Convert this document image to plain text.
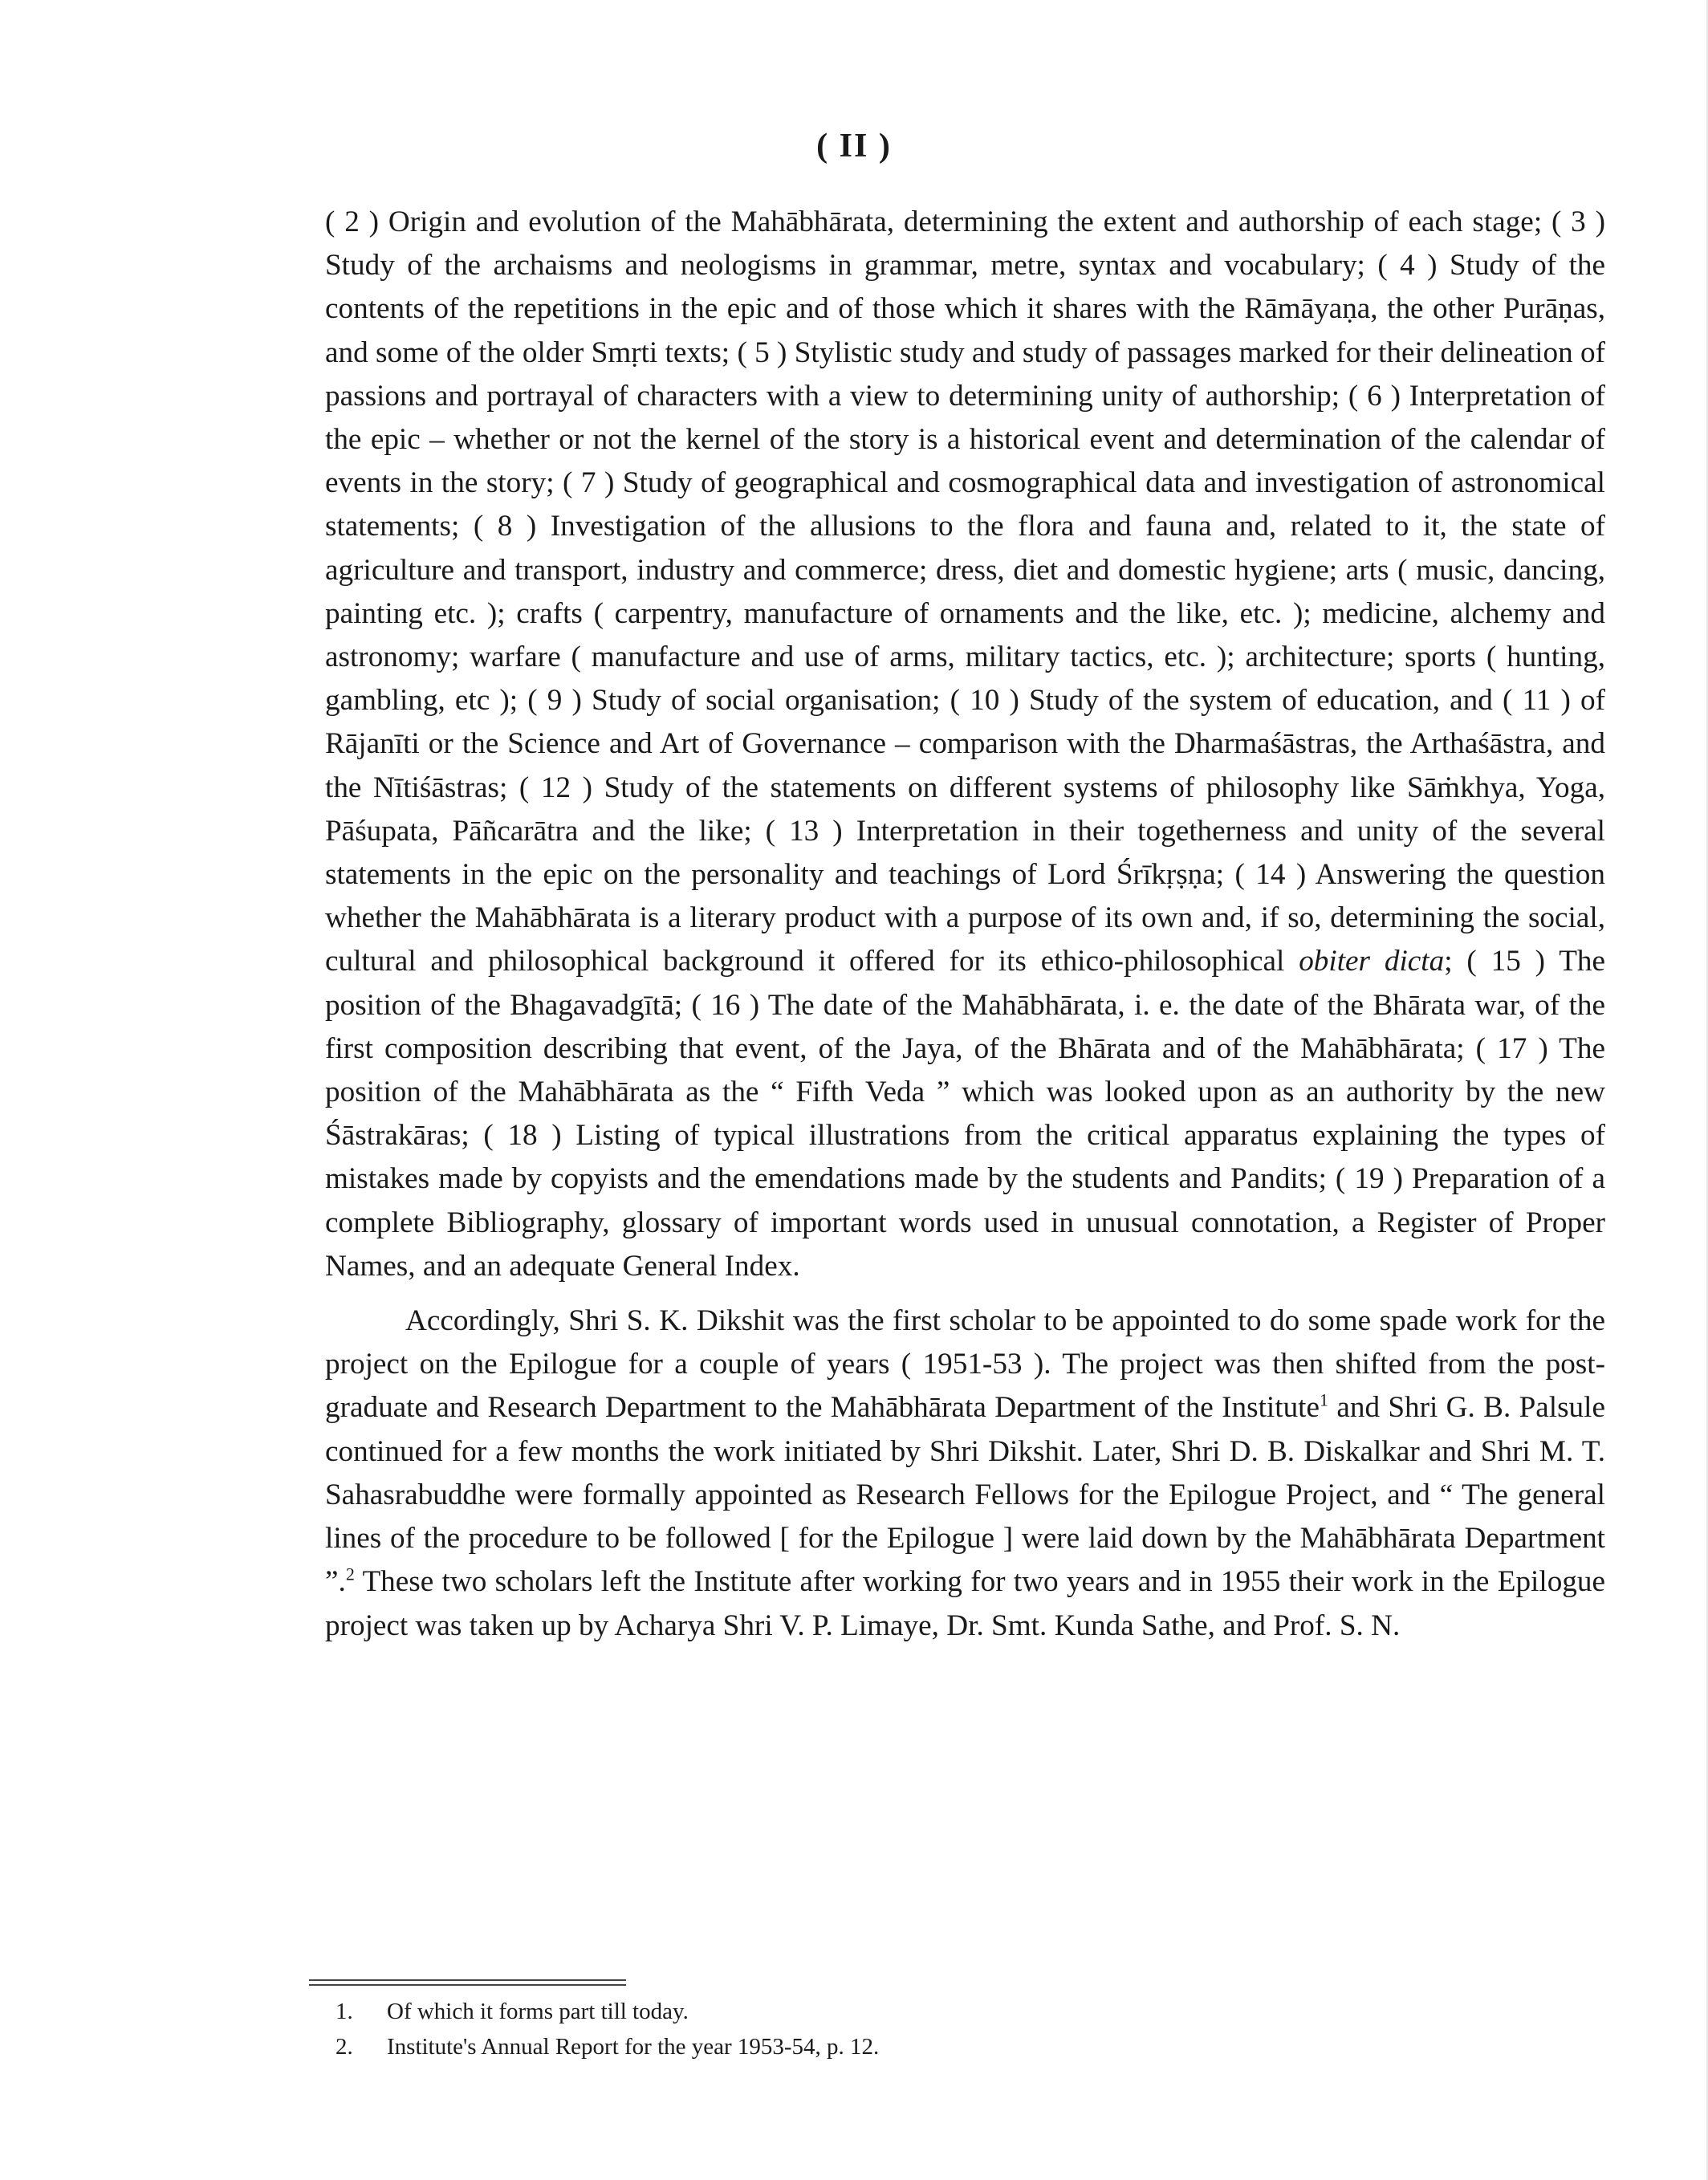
( II )

( 2 ) Origin and evolution of the Mahābhārata, determining the extent and authorship of each stage; ( 3 ) Study of the archaisms and neologisms in grammar, metre, syntax and vocabulary; ( 4 ) Study of the contents of the repetitions in the epic and of those which it shares with the Rāmāyaṇa, the other Purāṇas, and some of the older Smṛti texts; ( 5 ) Stylistic study and study of passages marked for their delineation of passions and portrayal of characters with a view to determining unity of authorship; ( 6 ) Interpretation of the epic – whether or not the kernel of the story is a historical event and determination of the calendar of events in the story; ( 7 ) Study of geographical and cosmographical data and investigation of astronomical statements; ( 8 ) Investigation of the allusions to the flora and fauna and, related to it, the state of agriculture and transport, industry and commerce; dress, diet and domestic hygiene; arts ( music, dancing, painting etc. ); crafts ( carpentry, manufacture of ornaments and the like, etc. ); medicine, alchemy and astronomy; warfare ( manufacture and use of arms, military tactics, etc. ); architecture; sports ( hunting, gambling, etc ); ( 9 ) Study of social organisation; ( 10 ) Study of the system of education, and ( 11 ) of Rājanīti or the Science and Art of Governance – comparison with the Dharmaśāstras, the Arthaśāstra, and the Nītiśāstras; ( 12 ) Study of the statements on different systems of philosophy like Sāṁkhya, Yoga, Pāśupata, Pāñcarātra and the like; ( 13 ) Interpretation in their togetherness and unity of the several statements in the epic on the personality and teachings of Lord Śrīkṛṣṇa; ( 14 ) Answering the question whether the Mahābhārata is a literary product with a purpose of its own and, if so, determining the social, cultural and philosophical background it offered for its ethico-philosophical obiter dicta; ( 15 ) The position of the Bhagavadgītā; ( 16 ) The date of the Mahābhārata, i. e. the date of the Bhārata war, of the first composition describing that event, of the Jaya, of the Bhārata and of the Mahābhārata; ( 17 ) The position of the Mahābhārata as the “ Fifth Veda ” which was looked upon as an authority by the new Śāstrakāras; ( 18 ) Listing of typical illustrations from the critical apparatus explaining the types of mistakes made by copyists and the emendations made by the students and Pandits; ( 19 ) Preparation of a complete Bibliography, glossary of important words used in unusual connotation, a Register of Proper Names, and an adequate General Index.

Accordingly, Shri S. K. Dikshit was the first scholar to be appointed to do some spade work for the project on the Epilogue for a couple of years ( 1951-53 ). The project was then shifted from the post-graduate and Research Department to the Mahābhārata Department of the Institute$^1$ and Shri G. B. Palsule continued for a few months the work initiated by Shri Dikshit. Later, Shri D. B. Diskalkar and Shri M. T. Sahasrabuddhe were formally appointed as Research Fellows for the Epilogue Project, and “ The general lines of the procedure to be followed [ for the Epilogue ] were laid down by the Mahābhārata Department ”.$^2$ These two scholars left the Institute after working for two years and in 1955 their work in the Epilogue project was taken up by Acharya Shri V. P. Limaye, Dr. Smt. Kunda Sathe, and Prof. S. N.

1.	Of which it forms part till today.
2.	Institute's Annual Report for the year 1953-54, p. 12.
